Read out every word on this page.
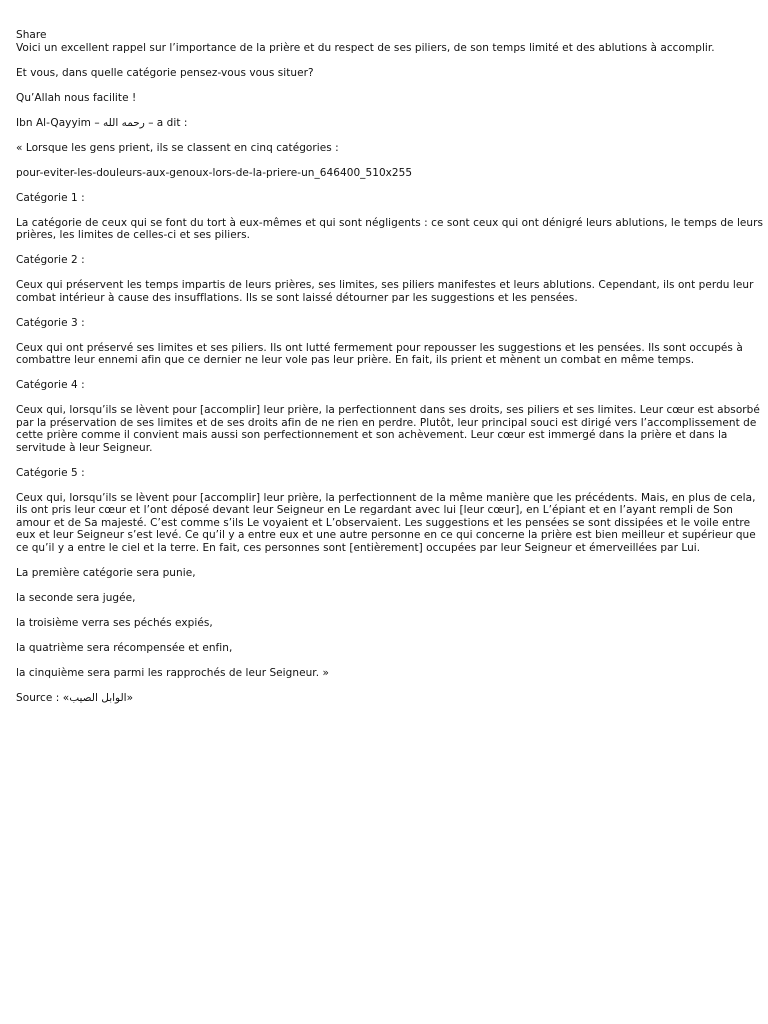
Share

Voici un excellent rappel sur l’importance de la prière et du respect de ses piliers, de son temps limité et des ablutions à accomplir.

Et vous, dans quelle catégorie pensez-vous vous situer?

Qu’Allah nous facilite !

Ibn Al-Qayyim – رحمه الله – a dit :

« Lorsque les gens prient, ils se classent en cinq catégories :

pour-eviter-les-douleurs-aux-genoux-lors-de-la-priere-un_646400_510x255

Catégorie 1 :

La catégorie de ceux qui se font du tort à eux-mêmes et qui sont négligents : ce sont ceux qui ont dénigré leurs ablutions, le temps de leurs prières, les limites de celles-ci et ses piliers.

Catégorie 2 :

Ceux qui préservent les temps impartis de leurs prières, ses limites, ses piliers manifestes et leurs ablutions. Cependant, ils ont perdu leur combat intérieur à cause des insufflations. Ils se sont laissé détourner par les suggestions et les pensées.

Catégorie 3 :

Ceux qui ont préservé ses limites et ses piliers. Ils ont lutté fermement pour repousser les suggestions et les pensées. Ils sont occupés à combattre leur ennemi afin que ce dernier ne leur vole pas leur prière. En fait, ils prient et mènent un combat en même temps.

Catégorie 4 :

Ceux qui, lorsqu’ils se lèvent pour [accomplir] leur prière, la perfectionnent dans ses droits, ses piliers et ses limites. Leur cœur est absorbé par la préservation de ses limites et de ses droits afin de ne rien en perdre. Plutôt, leur principal souci est dirigé vers l’accomplissement de cette prière comme il convient mais aussi son perfectionnement et son achèvement. Leur cœur est immergé dans la prière et dans la servitude à leur Seigneur.

Catégorie 5 :

Ceux qui, lorsqu’ils se lèvent pour [accomplir] leur prière, la perfectionnent de la même manière que les précédents. Mais, en plus de cela, ils ont pris leur cœur et l’ont déposé devant leur Seigneur en Le regardant avec lui [leur cœur], en L’épiant et en l’ayant rempli de Son amour et de Sa majesté. C’est comme s’ils Le voyaient et L’observaient. Les suggestions et les pensées se sont dissipées et le voile entre eux et leur Seigneur s’est levé. Ce qu’il y a entre eux et une autre personne en ce qui concerne la prière est bien meilleur et supérieur que ce qu’il y a entre le ciel et la terre. En fait, ces personnes sont [entièrement] occupées par leur Seigneur et émerveillées par Lui.

La première catégorie sera punie,

la seconde sera jugée,

la troisième verra ses péchés expiés,

la quatrième sera récompensée et enfin,

la cinquième sera parmi les rapprochés de leur Seigneur. »

Source : «الوابل الصيب»
